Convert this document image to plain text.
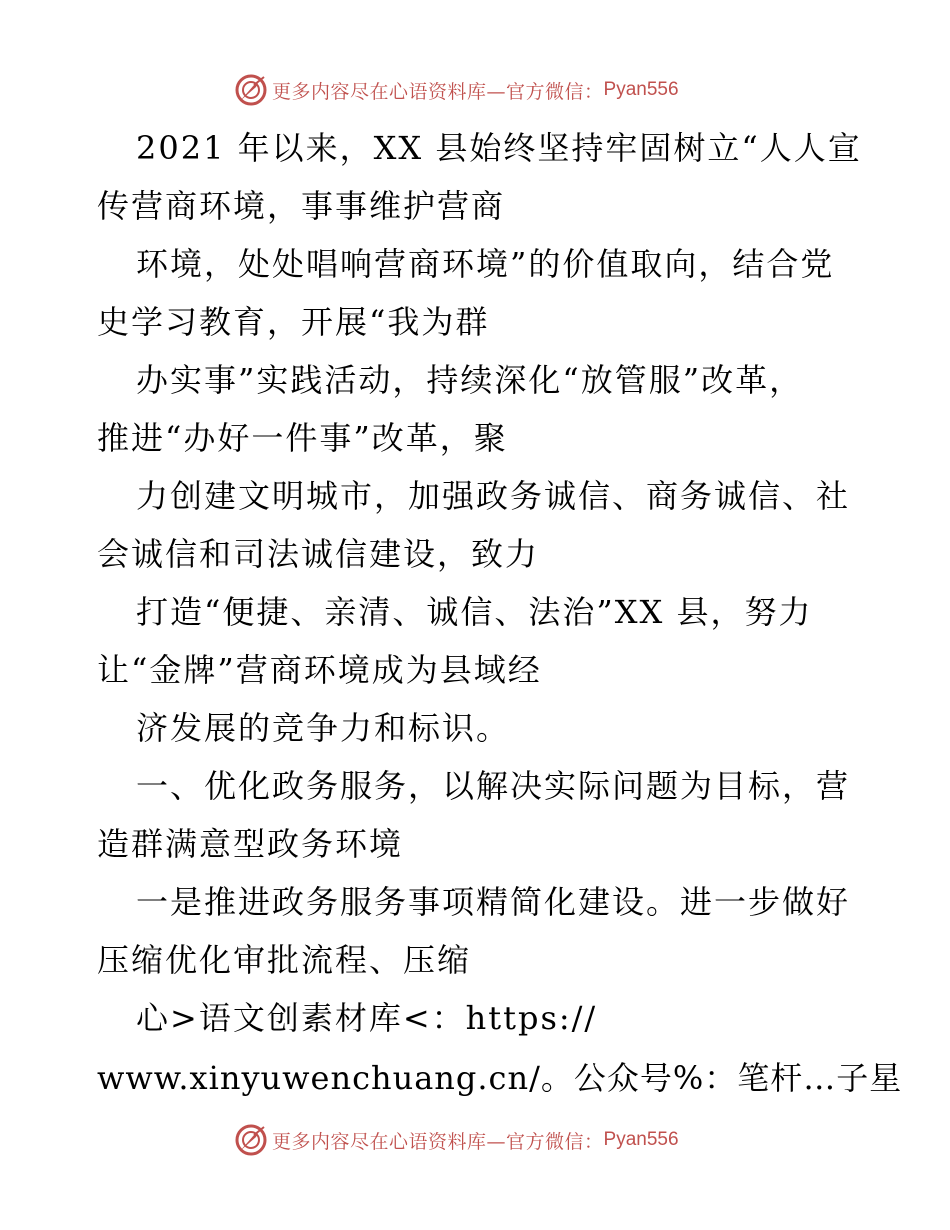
更多内容尽在心语资料库—官方微信： Pyan556
2021 年以来，XX 县始终坚持牢固树立“人人宣
传营商环境，事事维护营商
环境，处处唱响营商环境”的价值取向，结合党
史学习教育，开展“我为群
办实事”实践活动，持续深化“放管服”改革，
推进“办好一件事”改革，聚
力创建文明城市，加强政务诚信、商务诚信、社
会诚信和司法诚信建设，致力
打造“便捷、亲清、诚信、法治”XX 县，努力
让“金牌”营商环境成为县域经
济发展的竞争力和标识。
一、优化政务服务，以解决实际问题为目标，营
造群满意型政务环境
一是推进政务服务事项精简化建设。进一步做好
压缩优化审批流程、压缩
心>语文创素材库<：https://
www.xinyuwenchuang.cn/。公众号%：笔杆…子星
更多内容尽在心语资料库—官方微信： Pyan556
